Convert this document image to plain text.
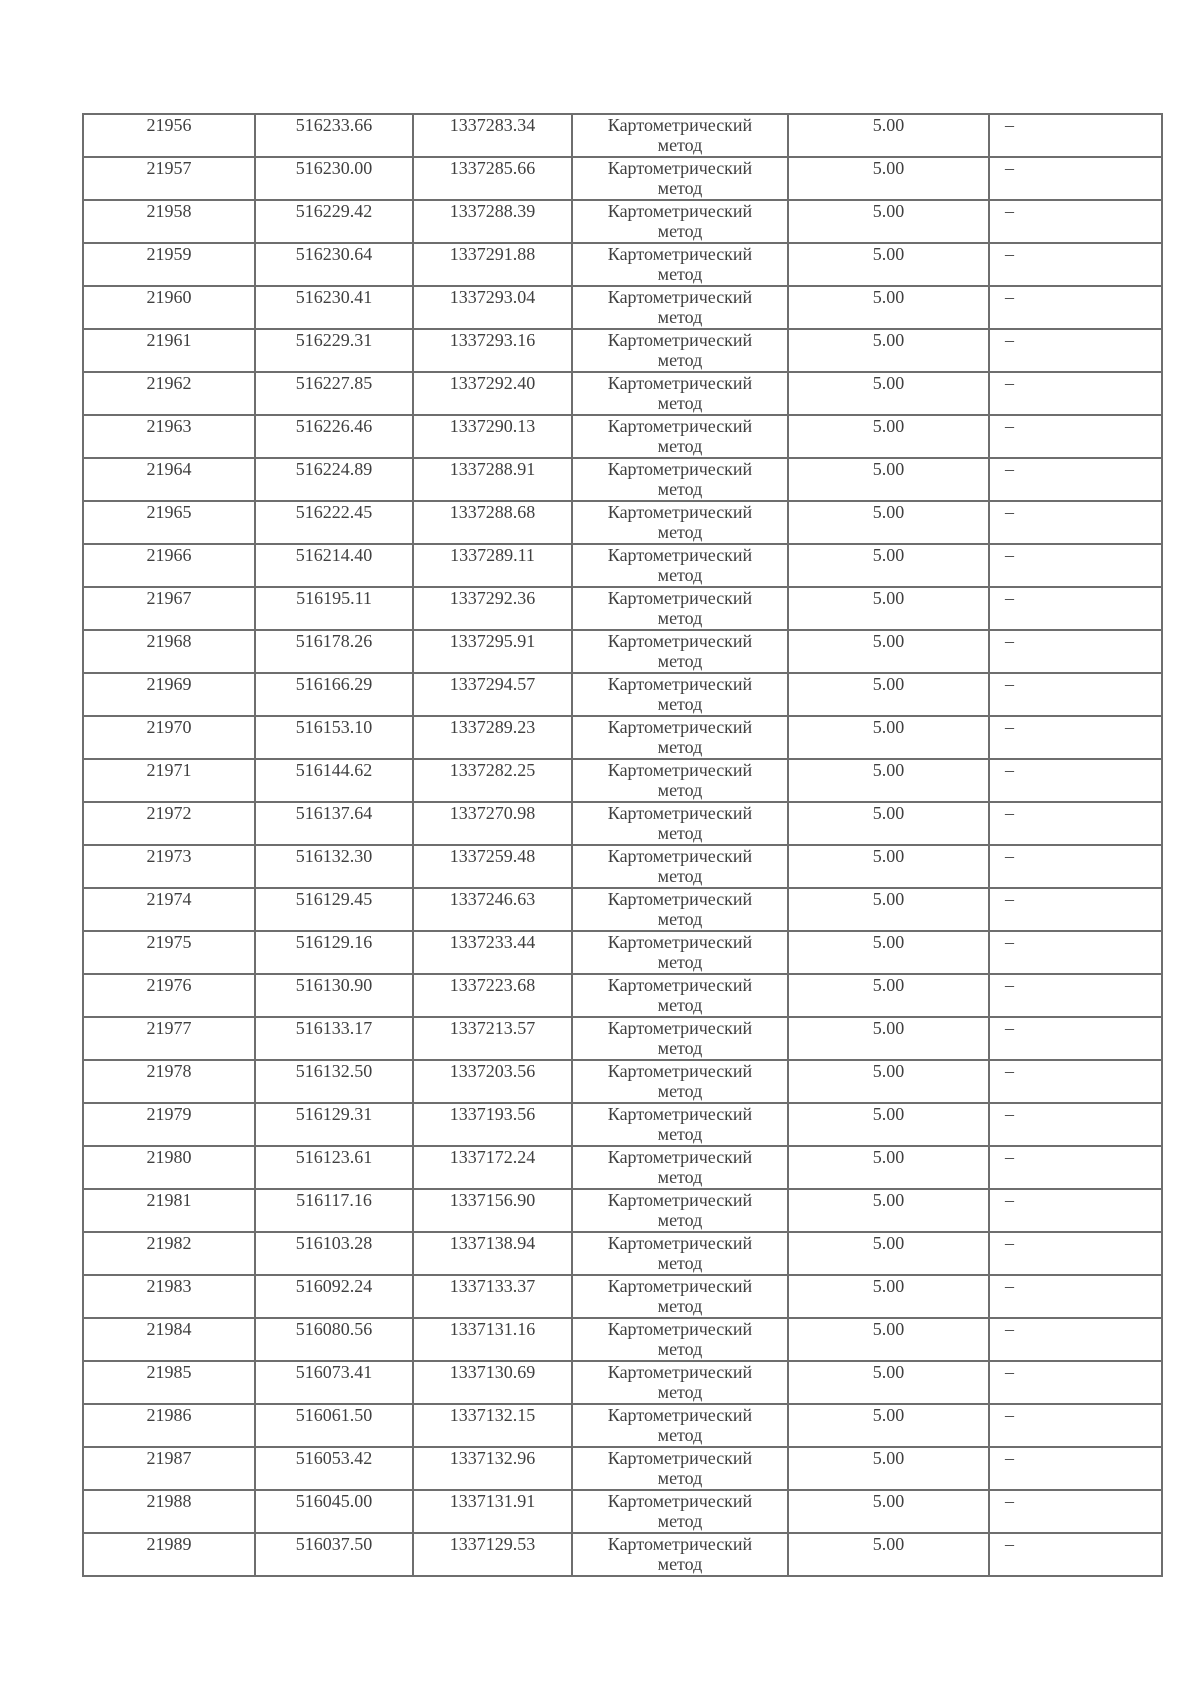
21956	516233.66	1337283.34	Картометрический метод	5.00	–
21957	516230.00	1337285.66	Картометрический метод	5.00	–
21958	516229.42	1337288.39	Картометрический метод	5.00	–
21959	516230.64	1337291.88	Картометрический метод	5.00	–
21960	516230.41	1337293.04	Картометрический метод	5.00	–
21961	516229.31	1337293.16	Картометрический метод	5.00	–
21962	516227.85	1337292.40	Картометрический метод	5.00	–
21963	516226.46	1337290.13	Картометрический метод	5.00	–
21964	516224.89	1337288.91	Картометрический метод	5.00	–
21965	516222.45	1337288.68	Картометрический метод	5.00	–
21966	516214.40	1337289.11	Картометрический метод	5.00	–
21967	516195.11	1337292.36	Картометрический метод	5.00	–
21968	516178.26	1337295.91	Картометрический метод	5.00	–
21969	516166.29	1337294.57	Картометрический метод	5.00	–
21970	516153.10	1337289.23	Картометрический метод	5.00	–
21971	516144.62	1337282.25	Картометрический метод	5.00	–
21972	516137.64	1337270.98	Картометрический метод	5.00	–
21973	516132.30	1337259.48	Картометрический метод	5.00	–
21974	516129.45	1337246.63	Картометрический метод	5.00	–
21975	516129.16	1337233.44	Картометрический метод	5.00	–
21976	516130.90	1337223.68	Картометрический метод	5.00	–
21977	516133.17	1337213.57	Картометрический метод	5.00	–
21978	516132.50	1337203.56	Картометрический метод	5.00	–
21979	516129.31	1337193.56	Картометрический метод	5.00	–
21980	516123.61	1337172.24	Картометрический метод	5.00	–
21981	516117.16	1337156.90	Картометрический метод	5.00	–
21982	516103.28	1337138.94	Картометрический метод	5.00	–
21983	516092.24	1337133.37	Картометрический метод	5.00	–
21984	516080.56	1337131.16	Картометрический метод	5.00	–
21985	516073.41	1337130.69	Картометрический метод	5.00	–
21986	516061.50	1337132.15	Картометрический метод	5.00	–
21987	516053.42	1337132.96	Картометрический метод	5.00	–
21988	516045.00	1337131.91	Картометрический метод	5.00	–
21989	516037.50	1337129.53	Картометрический метод	5.00	–
